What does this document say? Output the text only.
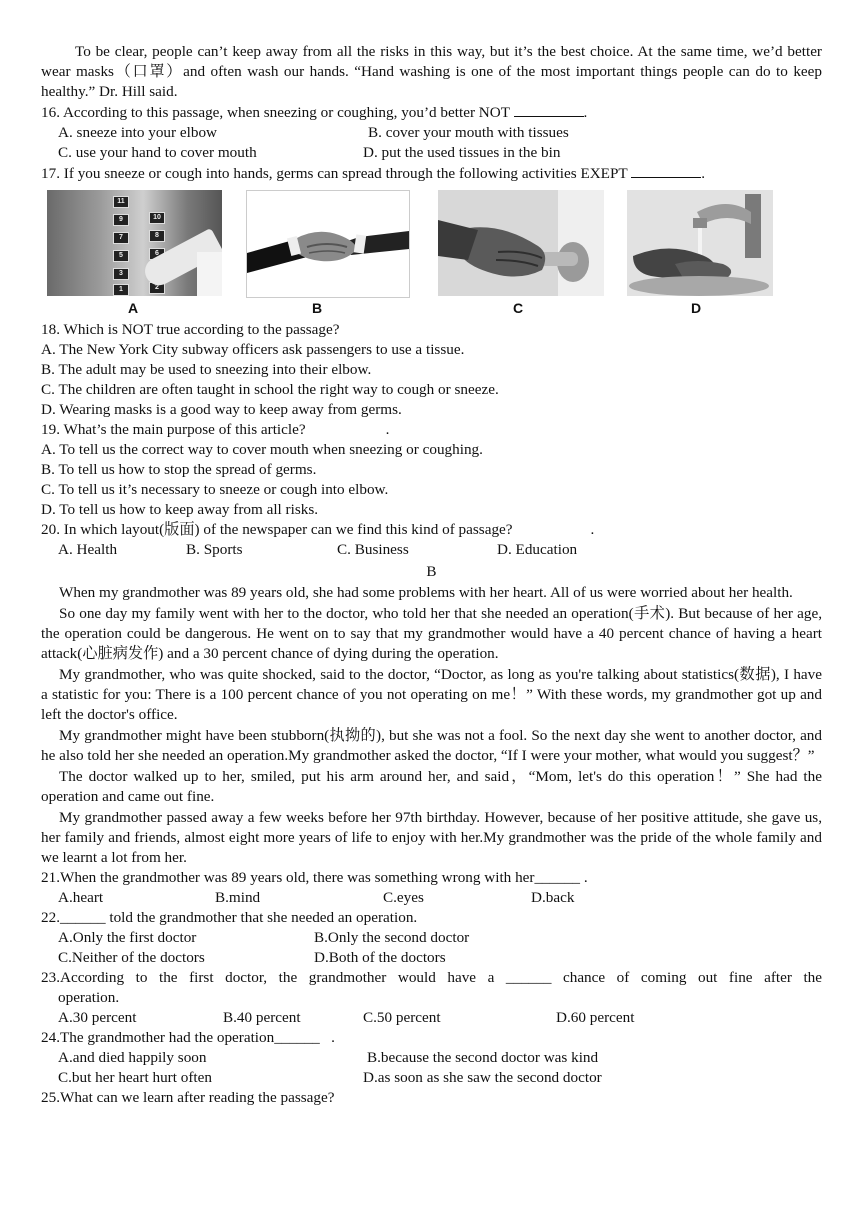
To be clear, people can’t keep away from all the risks in this way, but it’s the best choice. At the same time, we’d better wear masks（口罩）and often wash our hands. “Hand washing is one of the most important things people can do to keep healthy.” Dr. Hill said.

16. According to this passage, when sneezing or coughing, you’d better NOT	.

A. sneeze into your elbow	B. cover your mouth with tissues
C. use your hand to cover mouth	D. put the used tissues in the bin

17. If you sneeze or cough into hands, germs can spread through the following activities EXEPT	.

11
9	10
7	8
5	6
3
1	2
A	B	C	D

18. Which is NOT true according to the passage?

A. The New York City subway officers ask passengers to use a tissue.

B. The adult may be used to sneezing into their elbow.

C. The children are often taught in school the right way to cough or sneeze.

D. Wearing masks is a good way to keep away from germs.

19. What’s the main purpose of this article?	.

A. To tell us the correct way to cover mouth when sneezing or coughing.

B. To tell us how to stop the spread of germs.

C. To tell us it’s necessary to sneeze or cough into elbow.

D. To tell us how to keep away from all risks.

20. In which layout(版面) of the newspaper can we find this kind of passage?	.

A. Health	B. Sports	C. Business	D. Education

B

When my grandmother was 89 years old, she had some problems with her heart. All of us were worried about her health.

So one day my family went with her to the doctor, who told her that she needed an operation(手术). But because of her age, the operation could be dangerous. He went on to say that my grandmother would have a 40 percent chance of having a heart attack(心脏病发作) and a 30 percent chance of dying during the operation.

My grandmother, who was quite shocked, said to the doctor, “Doctor, as long as you're talking about statistics(数据), I have a statistic for you: There is a 100 percent chance of you not operating on me！” With these words, my grandmother got up and left the doctor's office.

My grandmother might have been stubborn(执拗的), but she was not a fool. So the next day she went to another doctor, and he also told her she needed an operation.My grandmother asked the doctor, “If I were your mother, what would you suggest？”

The doctor walked up to her, smiled, put his arm around her, and said，“Mom, let's do this operation！” She had the operation and came out fine.

My grandmother passed away a few weeks before her 97th birthday. However, because of her positive attitude, she gave us, her family and friends, almost eight more years of life to enjoy with her.My grandmother was the pride of the whole family and we learnt a lot from her.

21.When the grandmother was 89 years old, there was something wrong with her______ .

A.heart	B.mind	C.eyes	D.back

22.______ told the grandmother that she needed an operation.

A.Only the first doctor	B.Only the second doctor
C.Neither of the doctors	D.Both of the doctors

23.According to the first doctor, the grandmother would have a ______ chance of coming out fine after the

operation.

A.30 percent	B.40 percent	C.50 percent	D.60 percent

24.The grandmother had the operation______   .

A.and died happily soon	B.because the second doctor was kind
C.but her heart hurt often	D.as soon as she saw the second doctor

25.What can we learn after reading the passage?
